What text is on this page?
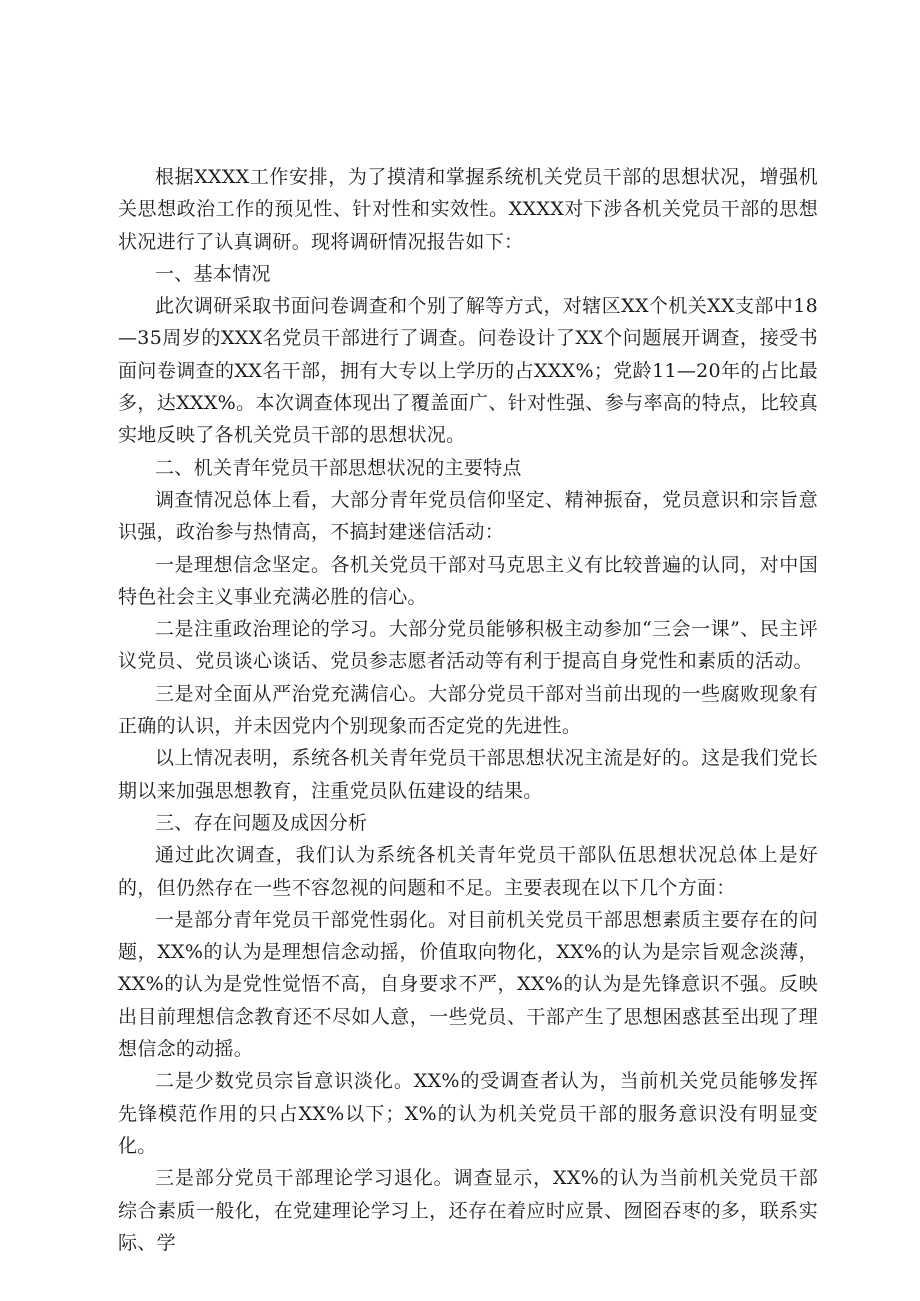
根据XXXX工作安排，为了摸清和掌握系统机关党员干部的思想状况，增强机关思想政治工作的预见性、针对性和实效性。XXXX对下涉各机关党员干部的思想状况进行了认真调研。现将调研情况报告如下：

一、基本情况

此次调研采取书面问卷调查和个别了解等方式，对辖区XX个机关XX支部中18—35周岁的XXX名党员干部进行了调查。问卷设计了XX个问题展开调查，接受书面问卷调查的XX名干部，拥有大专以上学历的占XXX%；党龄11—20年的占比最多，达XXX%。本次调查体现出了覆盖面广、针对性强、参与率高的特点，比较真实地反映了各机关党员干部的思想状况。

二、机关青年党员干部思想状况的主要特点

调查情况总体上看，大部分青年党员信仰坚定、精神振奋，党员意识和宗旨意识强，政治参与热情高，不搞封建迷信活动：

一是理想信念坚定。各机关党员干部对马克思主义有比较普遍的认同，对中国特色社会主义事业充满必胜的信心。

二是注重政治理论的学习。大部分党员能够积极主动参加“三会一课”、民主评议党员、党员谈心谈话、党员参志愿者活动等有利于提高自身党性和素质的活动。

三是对全面从严治党充满信心。大部分党员干部对当前出现的一些腐败现象有正确的认识，并未因党内个别现象而否定党的先进性。

以上情况表明，系统各机关青年党员干部思想状况主流是好的。这是我们党长期以来加强思想教育，注重党员队伍建设的结果。

三、存在问题及成因分析

通过此次调查，我们认为系统各机关青年党员干部队伍思想状况总体上是好的，但仍然存在一些不容忽视的问题和不足。主要表现在以下几个方面：

一是部分青年党员干部党性弱化。对目前机关党员干部思想素质主要存在的问题，XX%的认为是理想信念动摇，价值取向物化，XX%的认为是宗旨观念淡薄，XX%的认为是党性觉悟不高，自身要求不严，XX%的认为是先锋意识不强。反映出目前理想信念教育还不尽如人意，一些党员、干部产生了思想困惑甚至出现了理想信念的动摇。

二是少数党员宗旨意识淡化。XX%的受调查者认为，当前机关党员能够发挥先锋模范作用的只占XX%以下；X%的认为机关党员干部的服务意识没有明显变化。

三是部分党员干部理论学习退化。调查显示，XX%的认为当前机关党员干部综合素质一般化，在党建理论学习上，还存在着应时应景、囫囵吞枣的多，联系实际、学
